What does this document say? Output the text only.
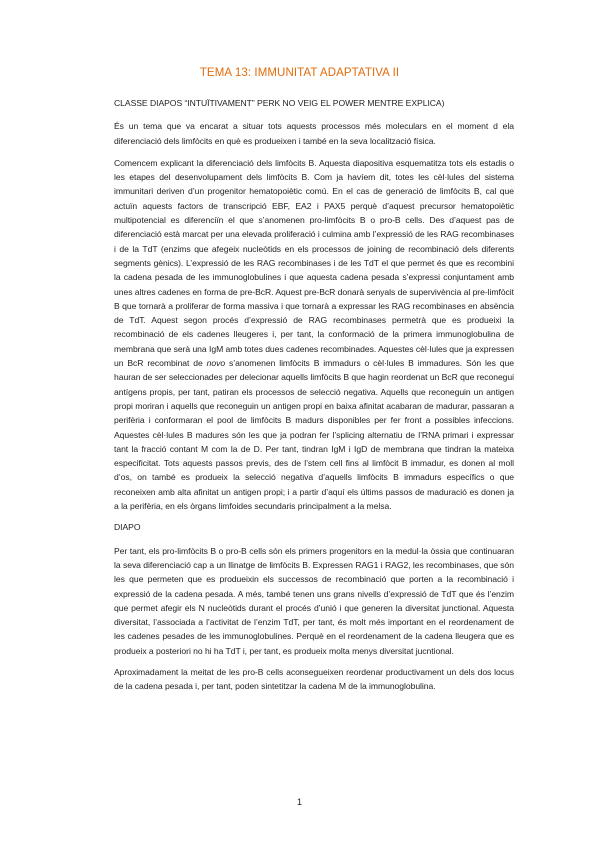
TEMA 13: IMMUNITAT ADAPTATIVA II

CLASSE DIAPOS “INTUÏTIVAMENT” PERK NO VEIG EL POWER MENTRE EXPLICA)

És un tema que va encarat a situar tots aquests processos més moleculars en el moment d ela diferenciació dels limfòcits en què es produeixen i també en la seva localització física.

Comencem explicant la diferenciació dels limfòcits B. Aquesta diapositiva esquematitza tots els estadis o les etapes del desenvolupament dels limfòcits B. Com ja havíem dit, totes les cèl·lules del sistema immunitari deriven d’un progenitor hematopoiètic comú. En el cas de generació de limfòcits B, cal que actuïn aquests factors de transcripció EBF, EA2 i PAX5 perquè d’aquest precursor hematopoiètic multipotencial es diferenciïn el que s’anomenen pro-limfòcits B o pro-B cells. Des d’aquest pas de diferenciació està marcat per una elevada proliferació i culmina amb l’expressió de les RAG recombinases i de la TdT (enzims que afegeix nucleòtids en els processos de joining de recombinació dels diferents segments gènics). L’expressió de les RAG recombinases i de les TdT el que permet és que es recombini la cadena pesada de les immunoglobulines i que aquesta cadena pesada s’expressi conjuntament amb unes altres cadenes en forma de pre-BcR. Aquest pre-BcR donarà senyals de supervivència al pre-limfòcit B que tornarà a proliferar de forma massiva i que tornarà a expressar les RAG recombinases en absència de TdT. Aquest segon procés d’expressió de RAG recombinases permetrà que es produeixi la recombinació de els cadenes lleugeres i, per tant, la conformació de la primera immunoglobulina de membrana que serà una IgM amb totes dues cadenes recombinades. Aquestes cèl·lules que ja expressen un BcR recombinat de novo s’anomenen limfòcits B immadurs o cèl·lules B immadures. Són les que hauran de ser seleccionades per delecionar aquells limfòcits B que hagin reordenat un BcR que reconegui antígens propis, per tant, patiran els processos de selecció negativa. Aquells que reconeguin un antigen propi moriran i aquells que reconeguin un antigen propi en baixa afinitat acabaran de madurar, passaran a perifèria i conformaran el pool de limfòcits B madurs disponibles per fer front a possibles infeccions. Aquestes cèl·lules B madures són les que ja podran fer l’splicing alternatiu de l’RNA primari i expressar tant la fracció contant M com la de D. Per tant, tindran IgM i IgD de membrana que tindran la mateixa especificitat. Tots aquests passos previs, des de l’stem cell fins al limfòcit B immadur, es donen al moll d’os, on també es produeix la selecció negativa d’aquells limfòcits B immadurs específics o que reconeixen amb alta afinitat un antigen propi; i a partir d’aquí els últims passos de maduració es donen ja a la perifèria, en els òrgans limfoides secundaris principalment a la melsa.

DIAPO

Per tant, els pro-limfòcits B o pro-B cells són els primers progenitors en la medul·la òssia que continuaran la seva diferenciació cap a un llinatge de limfòcits B. Expressen RAG1 i RAG2, les recombinases, que són les que permeten que es produeixin els successos de recombinació que porten a la recombinació i expressió de la cadena pesada. A més, també tenen uns grans nivells d’expressió de TdT que és l’enzim que permet afegir els N nucleòtids durant el procés d’unió i que generen la diversitat junctional. Aquesta diversitat, l’associada a l’activitat de l’enzim TdT, per tant, és molt més important en el reordenament de les cadenes pesades de les immunoglobulines. Perquè en el reordenament de la cadena lleugera que es produeix a posteriori no hi ha TdT i, per tant, es produeix molta menys diversitat jucntional.

Aproximadament la meitat de les pro-B cells aconsegueixen reordenar productivament un dels dos locus de la cadena pesada i, per tant, poden sintetitzar la cadena M de la immunoglobulina.

1
